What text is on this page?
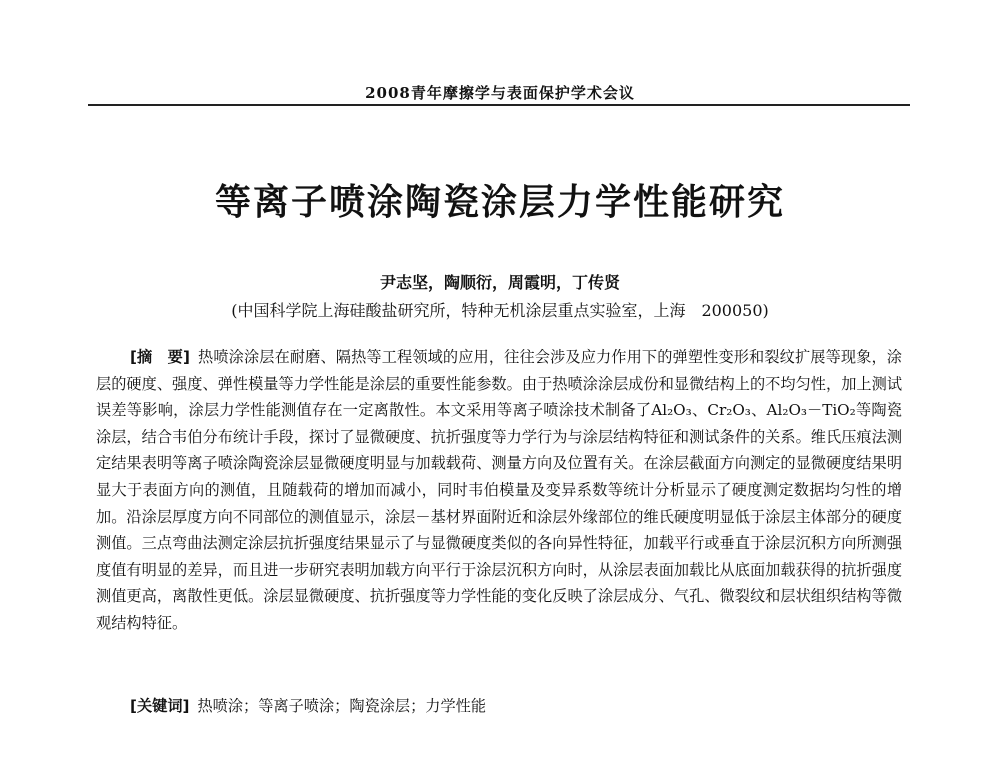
2008青年摩擦学与表面保护学术会议
等离子喷涂陶瓷涂层力学性能研究
尹志坚，陶顺衍，周霞明，丁传贤
(中国科学院上海硅酸盐研究所，特种无机涂层重点实验室，上海　200050)
[摘　要] 热喷涂涂层在耐磨、隔热等工程领域的应用，往往会涉及应力作用下的弹塑性变形和裂纹扩展等现象，涂层的硬度、强度、弹性模量等力学性能是涂层的重要性能参数。由于热喷涂涂层成份和显微结构上的不均匀性，加上测试误差等影响，涂层力学性能测值存在一定离散性。本文采用等离子喷涂技术制备了Al₂O₃、Cr₂O₃、Al₂O₃－TiO₂等陶瓷涂层，结合韦伯分布统计手段，探讨了显微硬度、抗折强度等力学行为与涂层结构特征和测试条件的关系。维氏压痕法测定结果表明等离子喷涂陶瓷涂层显微硬度明显与加载载荷、测量方向及位置有关。在涂层截面方向测定的显微硬度结果明显大于表面方向的测值，且随载荷的增加而减小，同时韦伯模量及变异系数等统计分析显示了硬度测定数据均匀性的增加。沿涂层厚度方向不同部位的测值显示，涂层－基材界面附近和涂层外缘部位的维氏硬度明显低于涂层主体部分的硬度测值。三点弯曲法测定涂层抗折强度结果显示了与显微硬度类似的各向异性特征，加载平行或垂直于涂层沉积方向所测强度值有明显的差异，而且进一步研究表明加载方向平行于涂层沉积方向时，从涂层表面加载比从底面加载获得的抗折强度测值更高，离散性更低。涂层显微硬度、抗折强度等力学性能的变化反映了涂层成分、气孔、微裂纹和层状组织结构等微观结构特征。
[关键词] 热喷涂；等离子喷涂；陶瓷涂层；力学性能
